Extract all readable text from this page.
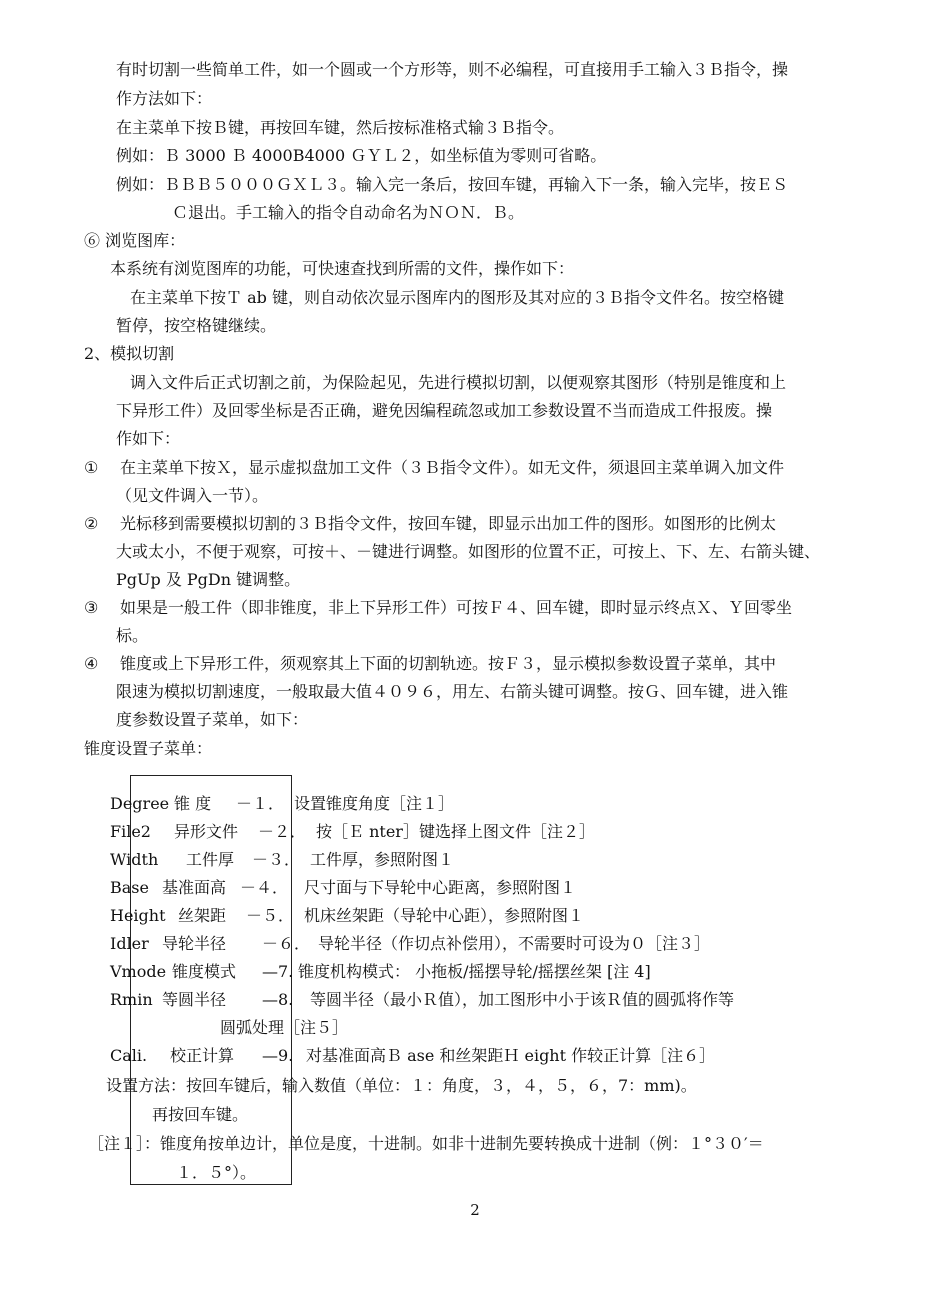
有时切割一些简单工件，如一个圆或一个方形等，则不必编程，可直接用手工输入３Ｂ指令，操
作方法如下：
在主菜单下按Ｂ键，再按回车键，然后按标准格式输３Ｂ指令。
例如：Ｂ 3000 Ｂ 4000B4000 ＧＹＬ２，如坐标值为零则可省略。
例如：ＢＢＢ５０００ＧＸＬ３。输入完一条后，按回车键，再输入下一条，输入完毕，按ＥＳ
Ｃ退出。手工输入的指令自动命名为ＮＯＮ．Ｂ。
⑥ 浏览图库：
本系统有浏览图库的功能，可快速查找到所需的文件，操作如下：
在主菜单下按Ｔ ab 键，则自动依次显示图库内的图形及其对应的３Ｂ指令文件名。按空格键
暂停，按空格键继续。
2、模拟切割
调入文件后正式切割之前，为保险起见，先进行模拟切割，以便观察其图形（特别是锥度和上
下异形工件）及回零坐标是否正确，避免因编程疏忽或加工参数设置不当而造成工件报废。操
作如下：
① 在主菜单下按Ｘ，显示虚拟盘加工文件（３Ｂ指令文件）。如无文件，须退回主菜单调入加文件
（见文件调入一节）。
② 光标移到需要模拟切割的３Ｂ指令文件，按回车键，即显示出加工件的图形。如图形的比例太
大或太小，不便于观察，可按＋、－键进行调整。如图形的位置不正，可按上、下、左、右箭头键、
PgUp 及 PgDn 键调整。
③ 如果是一般工件（即非锥度，非上下异形工件）可按Ｆ４、回车键，即时显示终点Ｘ、Ｙ回零坐
标。
④ 锥度或上下异形工件，须观察其上下面的切割轨迹。按Ｆ３，显示模拟参数设置子菜单，其中
限速为模拟切割速度，一般取最大值４０９６，用左、右箭头键可调整。按Ｇ、回车键，进入锥
度参数设置子菜单，如下：
锥度设置子菜单：
Degree 锥 度 －１． 设置锥度角度［注１］
File2 异形文件 －２． 按［Ｅ nter］键选择上图文件［注２］
Width 工件厚 －３． 工件厚，参照附图１
Base 基准面高 －４． 尺寸面与下导轮中心距离，参照附图１
Height 丝架距 －５． 机床丝架距（导轮中心距），参照附图１
Idler 导轮半径 －６． 导轮半径（作切点补偿用），不需要时可设为０［注３］
Vmode 锥度模式 —7. 锥度机构模式： 小拖板/摇摆导轮/摇摆丝架 [注 4]
Rmin 等圆半径 —8. 等圆半径（最小Ｒ值），加工图形中小于该Ｒ值的圆弧将作等
圆弧处理［注５］
Cali. 校正计算 —9. 对基准面高Ｂ ase 和丝架距Ｈ eight 作较正计算［注６］
设置方法：按回车键后，输入数值（单位：１：角度，３，４，５，６，7：mm)。
再按回车键。
［注１］：锥度角按单边计，单位是度，十进制。如非十进制先要转换成十进制（例：１°３０′＝
１．５°）。
2
